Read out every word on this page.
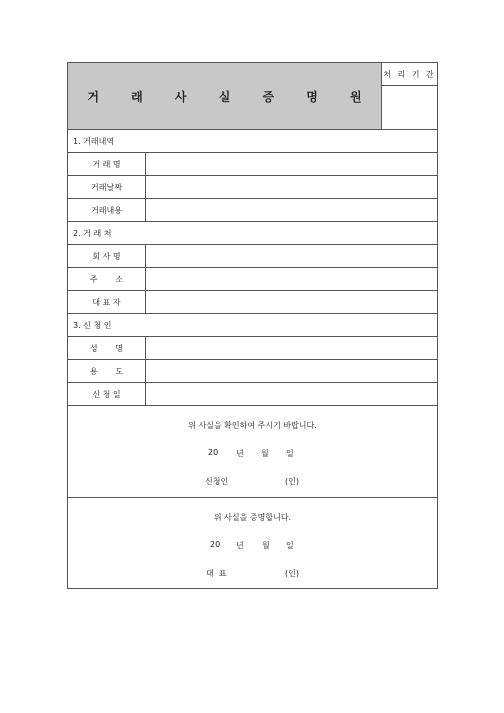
거 래 사 실 증 명 원
처 리 기 간
1. 거래내역
거 래 명
거래날짜
거래내용
2. 거 래 처
회 사 명
주       소
대 표 자
3. 신 청 인
성       명
용       도
신 청 일
위 사실을 확인하여 주시기 바랍니다.
20 년 월 일
신청인	(인)
위 사실을 증명합니다.
20 년 월 일
대  표	(인)
